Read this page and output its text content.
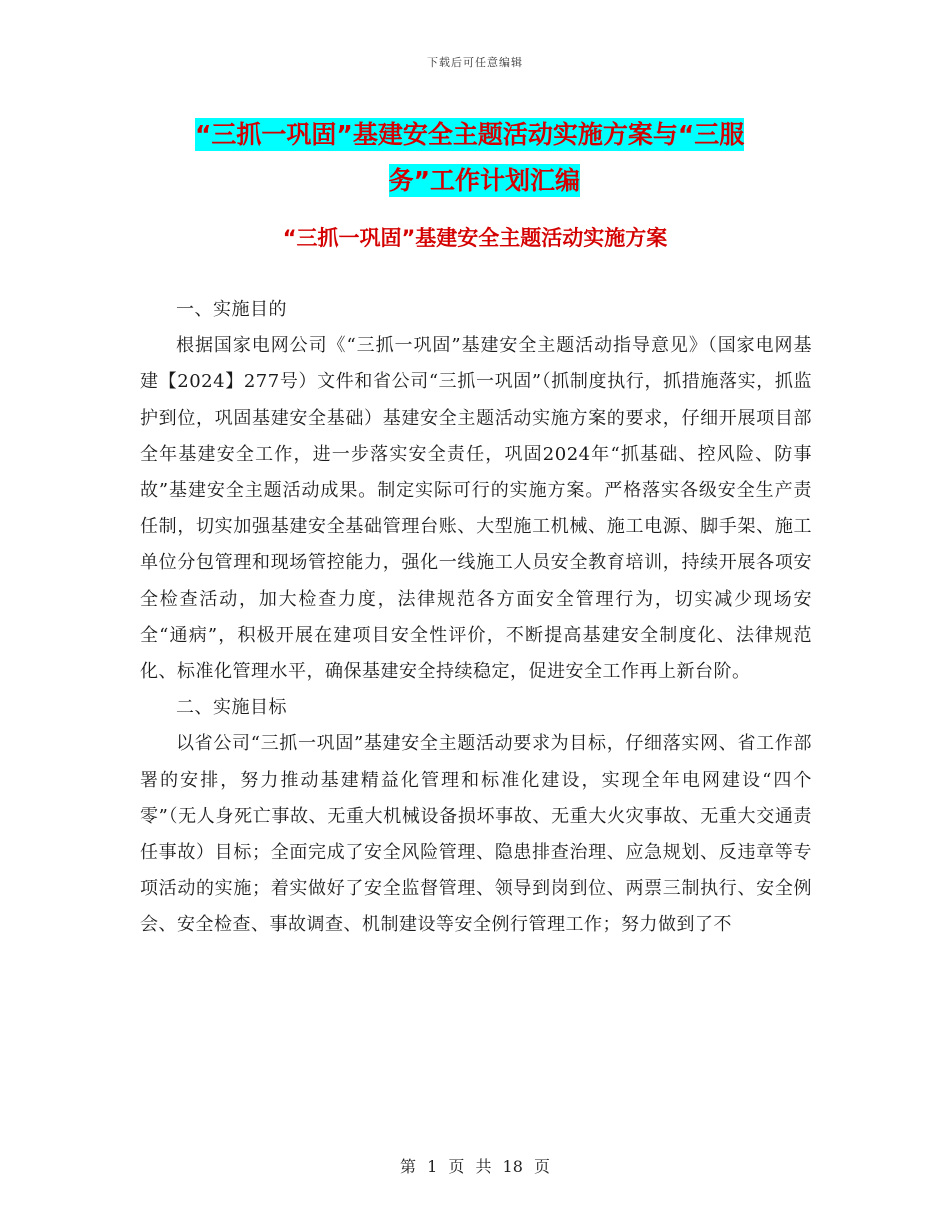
下载后可任意编辑
“三抓一巩固”基建安全主题活动实施方案与“三服
务”工作计划汇编
“三抓一巩固”基建安全主题活动实施方案

一、实施目的

根据国家电网公司《“三抓一巩固”基建安全主题活动指导意见》（国家电网基建【2024】277号）文件和省公司“三抓一巩固”（抓制度执行，抓措施落实，抓监护到位，巩固基建安全基础）基建安全主题活动实施方案的要求，仔细开展项目部全年基建安全工作，进一步落实安全责任，巩固2024年“抓基础、控风险、防事故”基建安全主题活动成果。制定实际可行的实施方案。严格落实各级安全生产责任制，切实加强基建安全基础管理台账、大型施工机械、施工电源、脚手架、施工单位分包管理和现场管控能力，强化一线施工人员安全教育培训，持续开展各项安全检查活动，加大检查力度，法律规范各方面安全管理行为，切实减少现场安全“通病”，积极开展在建项目安全性评价，不断提高基建安全制度化、法律规范化、标准化管理水平，确保基建安全持续稳定，促进安全工作再上新台阶。

二、实施目标

以省公司“三抓一巩固”基建安全主题活动要求为目标，仔细落实网、省工作部署的安排，努力推动基建精益化管理和标准化建设，实现全年电网建设“四个零”（无人身死亡事故、无重大机械设备损坏事故、无重大火灾事故、无重大交通责任事故）目标；全面完成了安全风险管理、隐患排查治理、应急规划、反违章等专项活动的实施；着实做好了安全监督管理、领导到岗到位、两票三制执行、安全例会、安全检查、事故调查、机制建设等安全例行管理工作；努力做到了不

第 1 页 共 18 页
